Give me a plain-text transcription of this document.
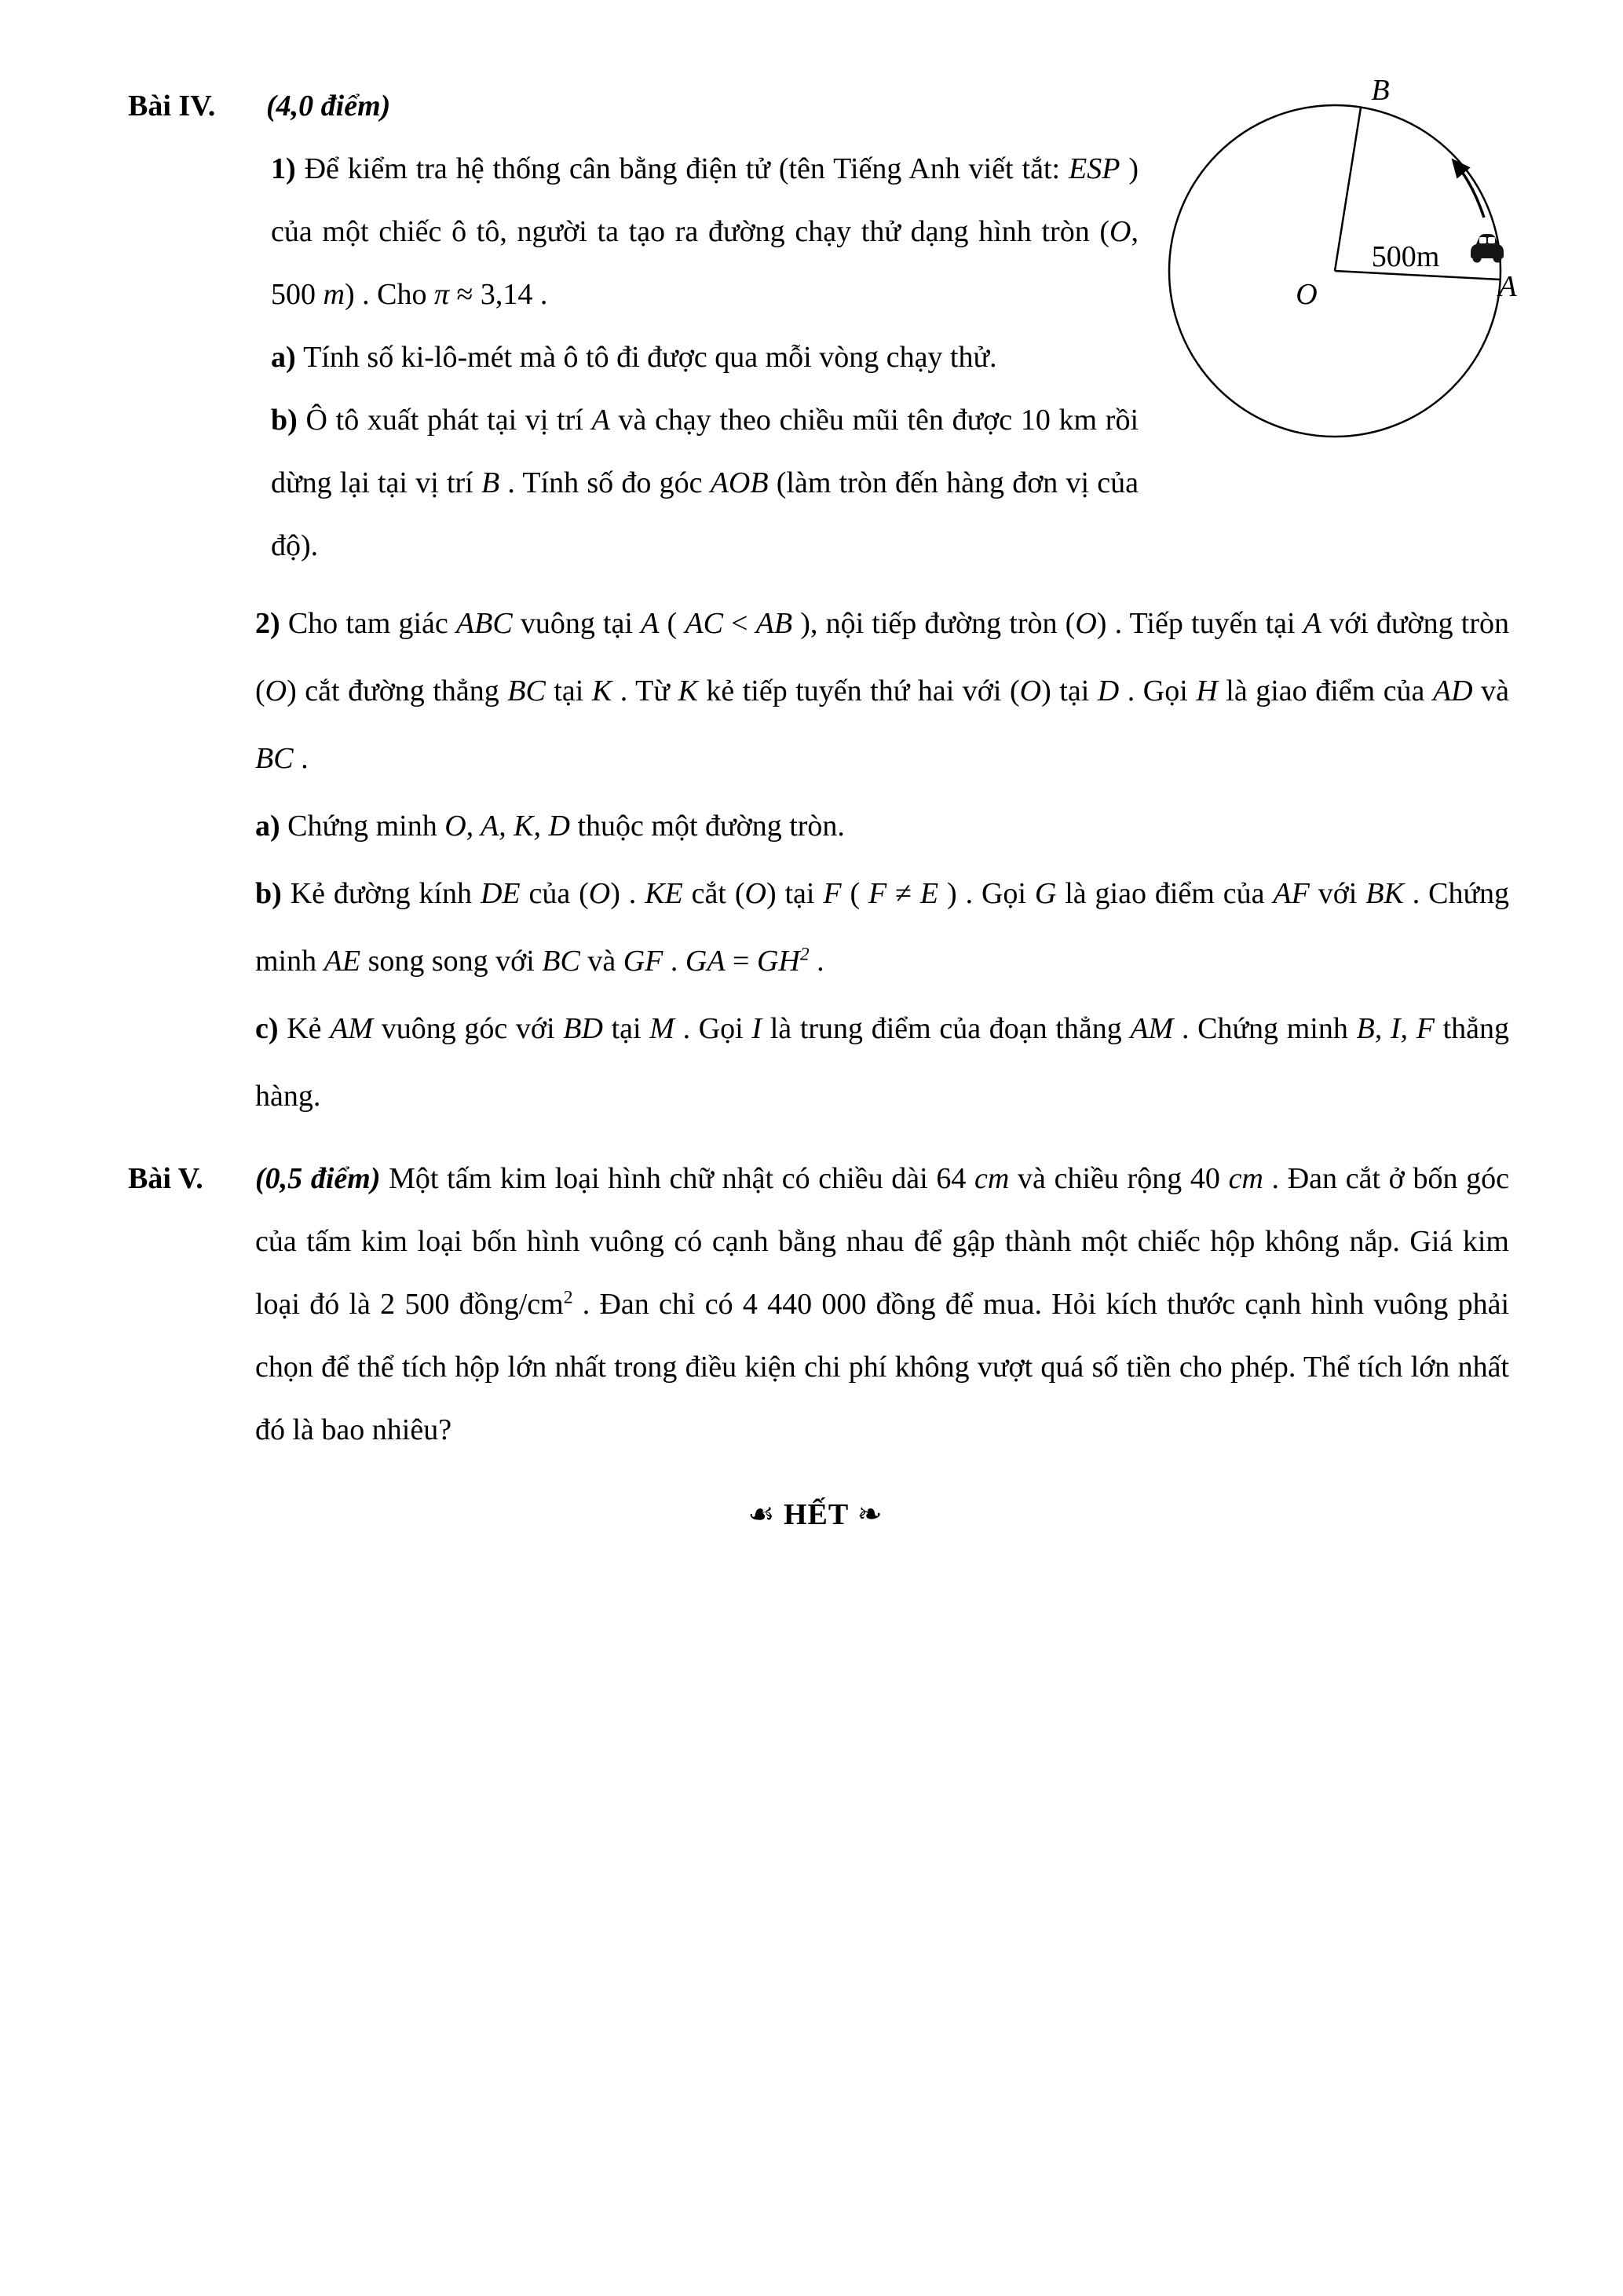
B
O	A
500m
Bài IV. (4,0 điểm)

1) Để kiểm tra hệ thống cân bằng điện tử (tên Tiếng Anh viết tắt: ESP ) của một chiếc ô tô, người ta tạo ra đường chạy thử dạng hình tròn (O, 500 m) . Cho π ≈ 3,14 .

a) Tính số ki-lô-mét mà ô tô đi được qua mỗi vòng chạy thử.

b) Ô tô xuất phát tại vị trí A và chạy theo chiều mũi tên được 10 km rồi dừng lại tại vị trí B . Tính số đo góc AOB (làm tròn đến hàng đơn vị của độ).

2) Cho tam giác ABC vuông tại A ( AC < AB ), nội tiếp đường tròn (O) . Tiếp tuyến tại A với đường tròn (O) cắt đường thẳng BC tại K . Từ K kẻ tiếp tuyến thứ hai với (O) tại D . Gọi H là giao điểm của AD và BC .

a) Chứng minh O, A, K, D thuộc một đường tròn.

b) Kẻ đường kính DE của (O) . KE cắt (O) tại F ( F ≠ E ) . Gọi G là giao điểm của AF với BK . Chứng minh AE song song với BC và GF . GA = $GH^2$ .

c) Kẻ AM vuông góc với BD tại M . Gọi I là trung điểm của đoạn thẳng AM . Chứng minh B, I, F thẳng hàng.

Bài V. (0,5 điểm) Một tấm kim loại hình chữ nhật có chiều dài 64 cm và chiều rộng 40 cm . Đan cắt ở bốn góc của tấm kim loại bốn hình vuông có cạnh bằng nhau để gập thành một chiếc hộp không nắp. Giá kim loại đó là 2 500 đồng/$cm^2$ . Đan chỉ có 4 440 000 đồng để mua. Hỏi kích thước cạnh hình vuông phải chọn để thể tích hộp lớn nhất trong điều kiện chi phí không vượt quá số tiền cho phép. Thể tích lớn nhất đó là bao nhiêu?

☙ HẾT ❧
